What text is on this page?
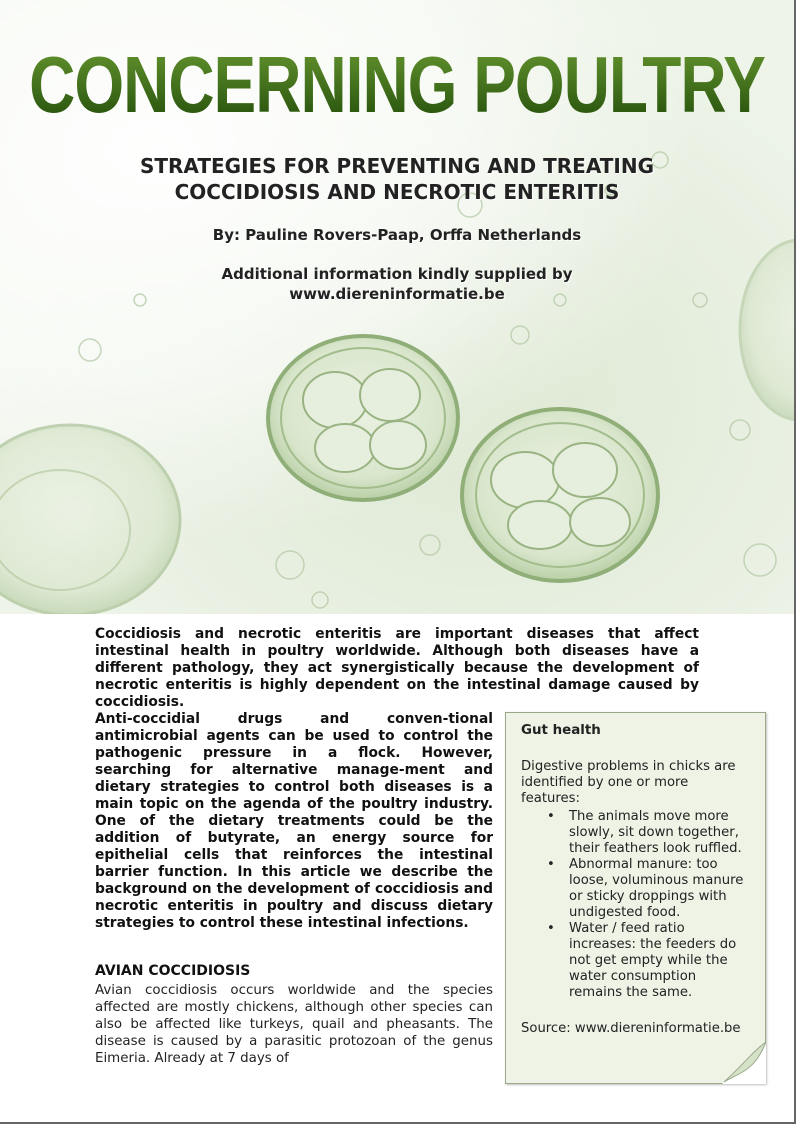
CONCERNING POULTRY
STRATEGIES FOR PREVENTING AND TREATING
COCCIDIOSIS AND NECROTIC ENTERITIS
By: Pauline Rovers-Paap, Orffa Netherlands
Additional information kindly supplied by
www.diereninformatie.be
Coccidiosis and necrotic enteritis are important diseases that affect intestinal health in poultry worldwide. Although both diseases have a different pathology, they act synergistically because the development of necrotic enteritis is highly dependent on the intestinal damage caused by coccidiosis.
Anti-coccidial drugs and conven-tional antimicrobial agents can be used to control the pathogenic pressure in a flock. However, searching for alternative manage-ment and dietary strategies to control both diseases is a main topic on the agenda of the poultry industry. One of the dietary treatments could be the addition of butyrate, an energy source for epithelial cells that reinforces the intestinal barrier function. In this article we describe the background on the development of coccidiosis and necrotic enteritis in poultry and discuss dietary strategies to control these intestinal infections.
AVIAN COCCIDIOSIS
Avian coccidiosis occurs worldwide and the species affected are mostly chickens, although other species can also be affected like turkeys, quail and pheasants. The disease is caused by a parasitic protozoan of the genus Eimeria. Already at 7 days of
Gut health
Digestive problems in chicks are identified by one or more features:
• The animals move more slowly, sit down together, their feathers look ruffled.
• Abnormal manure: too loose, voluminous manure or sticky droppings with undigested food.
• Water / feed ratio increases: the feeders do not get empty while the water consumption remains the same.
Source: www.diereninformatie.be
